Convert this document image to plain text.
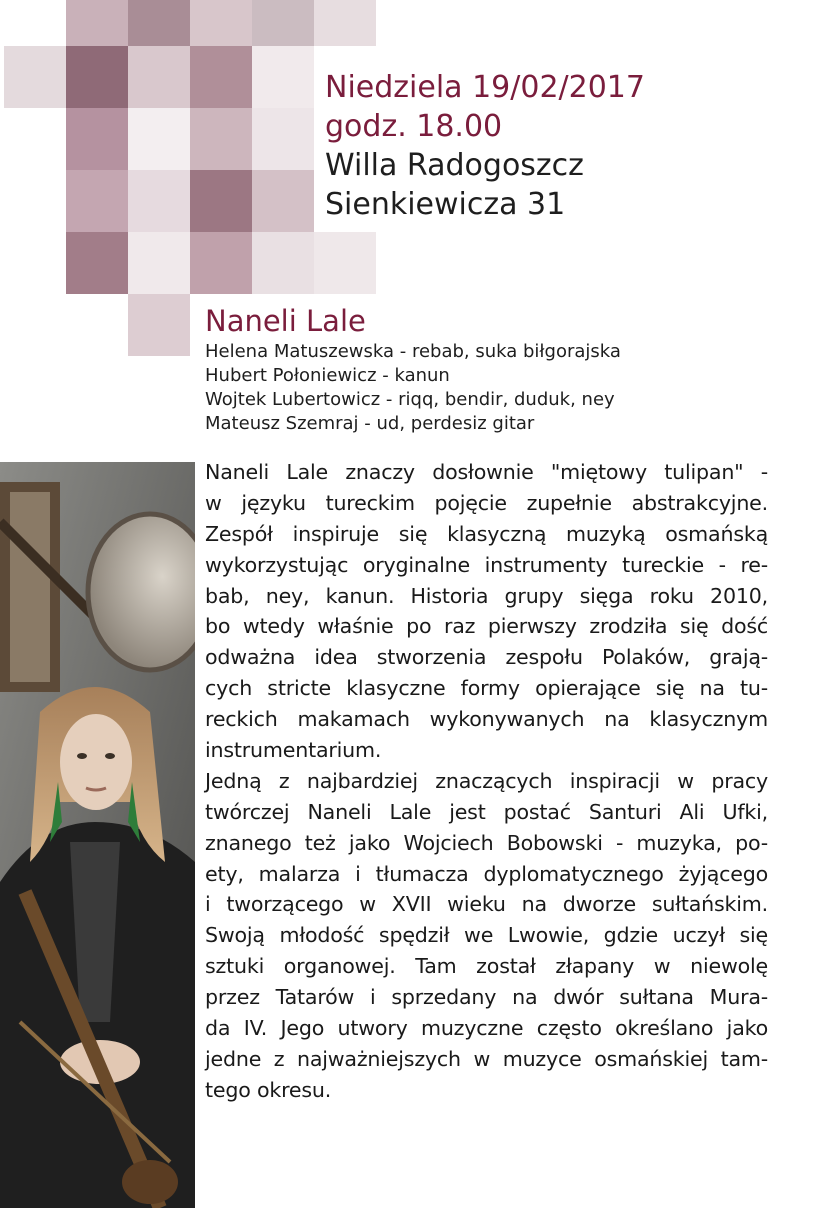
Niedziela 19/02/2017
godz. 18.00
Willa Radogoszcz
Sienkiewicza 31
Naneli Lale
Helena Matuszewska - rebab, suka biłgorajska
Hubert Połoniewicz - kanun
Wojtek Lubertowicz - riqq, bendir, duduk, ney
Mateusz Szemraj - ud, perdesiz gitar
Naneli Lale znaczy dosłownie "miętowy tulipan" -
w języku tureckim pojęcie zupełnie abstrakcyjne.
Zespół inspiruje się klasyczną muzyką osmańską
wykorzystując oryginalne instrumenty tureckie - re-
bab, ney, kanun. Historia grupy sięga roku 2010,
bo wtedy właśnie po raz pierwszy zrodziła się dość
odważna idea stworzenia zespołu Polaków, grają-
cych stricte klasyczne formy opierające się na tu-
reckich makamach wykonywanych na klasycznym
instrumentarium.
Jedną z najbardziej znaczących inspiracji w pracy
twórczej Naneli Lale jest postać Santuri Ali Ufki,
znanego też jako Wojciech Bobowski - muzyka, po-
ety, malarza i tłumacza dyplomatycznego żyjącego
i tworzącego w XVII wieku na dworze sułtańskim.
Swoją młodość spędził we Lwowie, gdzie uczył się
sztuki organowej. Tam został złapany w niewolę
przez Tatarów i sprzedany na dwór sułtana Mura-
da IV. Jego utwory muzyczne często określano jako
jedne z najważniejszych w muzyce osmańskiej tam-
tego okresu.
